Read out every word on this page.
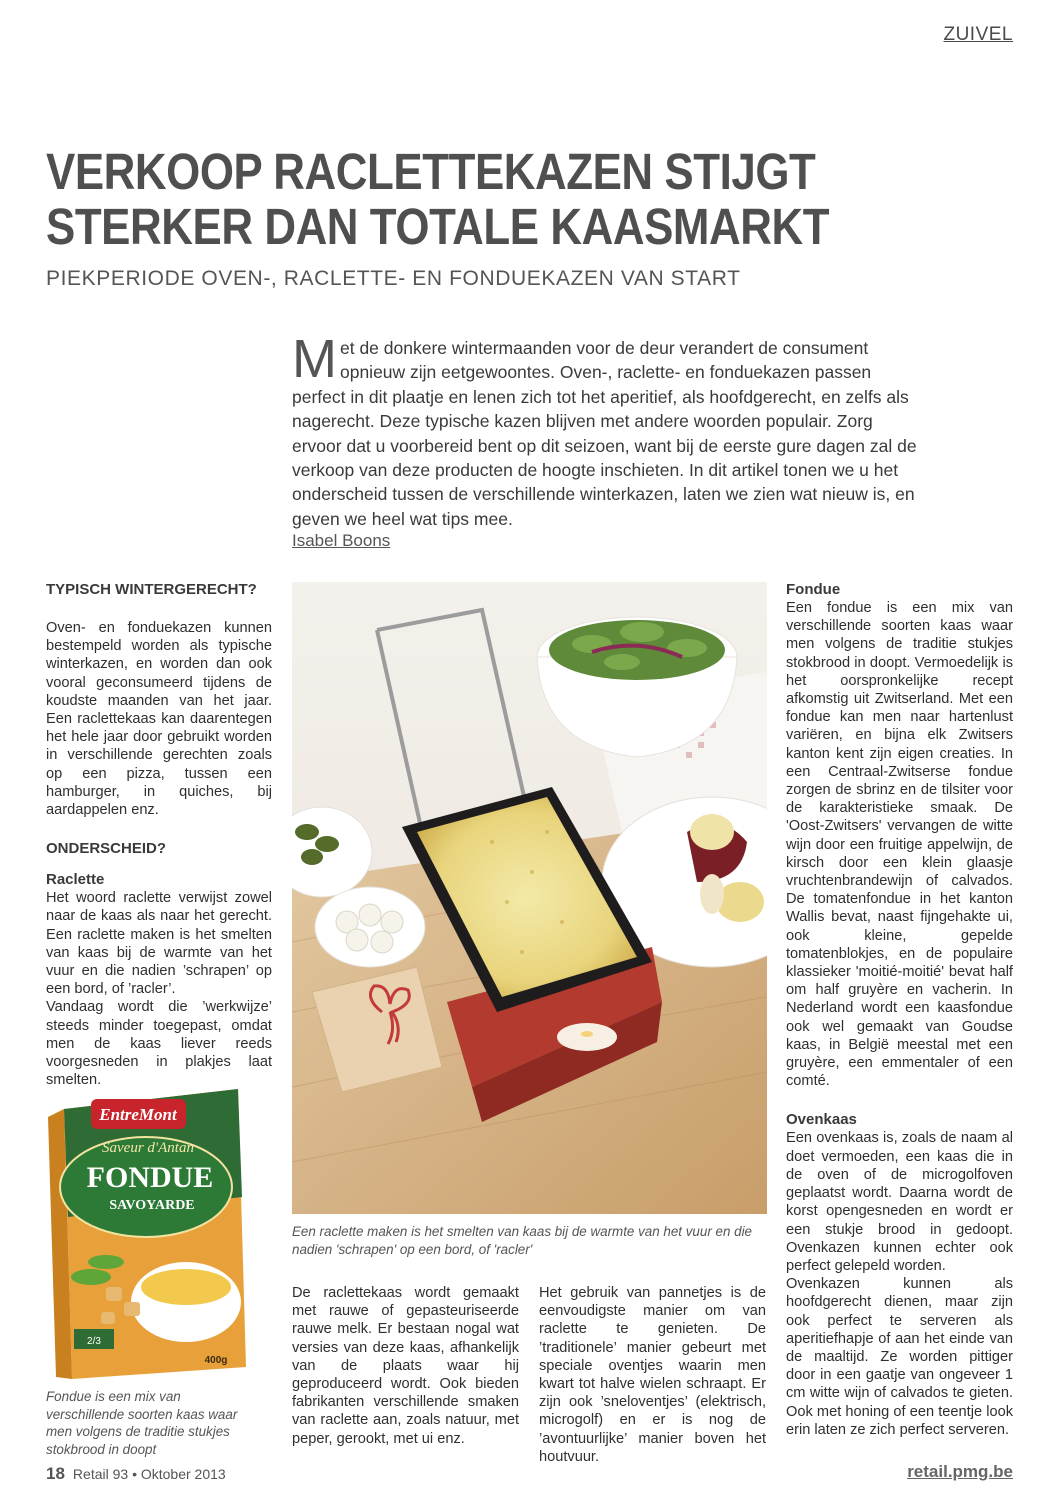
ZUIVEL
VERKOOP RACLETTEKAZEN STIJGT
STERKER DAN TOTALE KAASMARKT
PIEKPERIODE OVEN-, RACLETTE- EN FONDUEKAZEN VAN START
Met de donkere wintermaanden voor de deur verandert de consument opnieuw zijn eetgewoontes. Oven-, raclette- en fonduekazen passen perfect in dit plaatje en lenen zich tot het aperitief, als hoofdgerecht, en zelfs als nagerecht. Deze typische kazen blijven met andere woorden populair. Zorg ervoor dat u voorbereid bent op dit seizoen, want bij de eerste gure dagen zal de verkoop van deze producten de hoogte inschieten. In dit artikel tonen we u het onderscheid tussen de verschillende winterkazen, laten we zien wat nieuw is, en geven we heel wat tips mee.
Isabel Boons
TYPISCH WINTERGERECHT?

Oven- en fonduekazen kunnen bestempeld worden als typische winterkazen, en worden dan ook vooral geconsumeerd tijdens de koudste maanden van het jaar. Een raclettekaas kan daarentegen het hele jaar door gebruikt worden in verschillende gerechten zoals op een pizza, tussen een hamburger, in quiches, bij aardappelen enz.

ONDERSCHEID?
Raclette

Het woord raclette verwijst zowel naar de kaas als naar het gerecht. Een raclette maken is het smelten van kaas bij de warmte van het vuur en die nadien ’schrapen’ op een bord, of ’racler’.

Vandaag wordt die ’werkwijze’ steeds minder toegepast, omdat men de kaas liever reeds voorgesneden in plakjes laat smelten.

Een raclette maken is het smelten van kaas bij de warmte van het vuur en die nadien 'schrapen' op een bord, of 'racler'
EntreMont
Saveur d'Antan
FONDUE
SAVOYARDE
2/3
400g
Fondue is een mix van verschillende soorten kaas waar men volgens de traditie stukjes stokbrood in doopt

De raclettekaas wordt gemaakt met rauwe of gepasteuriseerde rauwe melk. Er bestaan nogal wat versies van deze kaas, afhankelijk van de plaats waar hij geproduceerd wordt. Ook bieden fabrikanten verschillende smaken van raclette aan, zoals natuur, met peper, gerookt, met ui enz.

Het gebruik van pannetjes is de eenvoudigste manier om van raclette te genieten. De ’traditionele’ manier gebeurt met speciale oventjes waarin men kwart tot halve wielen schraapt. Er zijn ook ’sneloventjes’ (elektrisch, microgolf) en er is nog de ’avontuurlijke’ manier boven het houtvuur.

Fondue

Een fondue is een mix van verschillende soorten kaas waar men volgens de traditie stukjes stokbrood in doopt. Vermoedelijk is het oorspronkelijke recept afkomstig uit Zwitserland. Met een fondue kan men naar hartenlust variëren, en bijna elk Zwitsers kanton kent zijn eigen creaties. In een Centraal-Zwitserse fondue zorgen de sbrinz en de tilsiter voor de karakteristieke smaak. De 'Oost-Zwitsers' vervangen de witte wijn door een fruitige appelwijn, de kirsch door een klein glaasje vruchtenbrandewijn of calvados. De tomatenfondue in het kanton Wallis bevat, naast fijngehakte ui, ook kleine, gepelde tomatenblokjes, en de populaire klassieker 'moitié-moitié' bevat half om half gruyère en vacherin. In Nederland wordt een kaasfondue ook wel gemaakt van Goudse kaas, in België meestal met een gruyère, een emmentaler of een comté.

Ovenkaas

Een ovenkaas is, zoals de naam al doet vermoeden, een kaas die in de oven of de microgolfoven geplaatst wordt. Daarna wordt de korst opengesneden en wordt er een stukje brood in gedoopt. Ovenkazen kunnen echter ook perfect gelepeld worden.

Ovenkazen kunnen als hoofdgerecht dienen, maar zijn ook perfect te serveren als aperitiefhapje of aan het einde van de maaltijd. Ze worden pittiger door in een gaatje van ongeveer 1 cm witte wijn of calvados te gieten. Ook met honing of een teentje look erin laten ze zich perfect serveren.

18 Retail 93 • Oktober 2013	retail.pmg.be
